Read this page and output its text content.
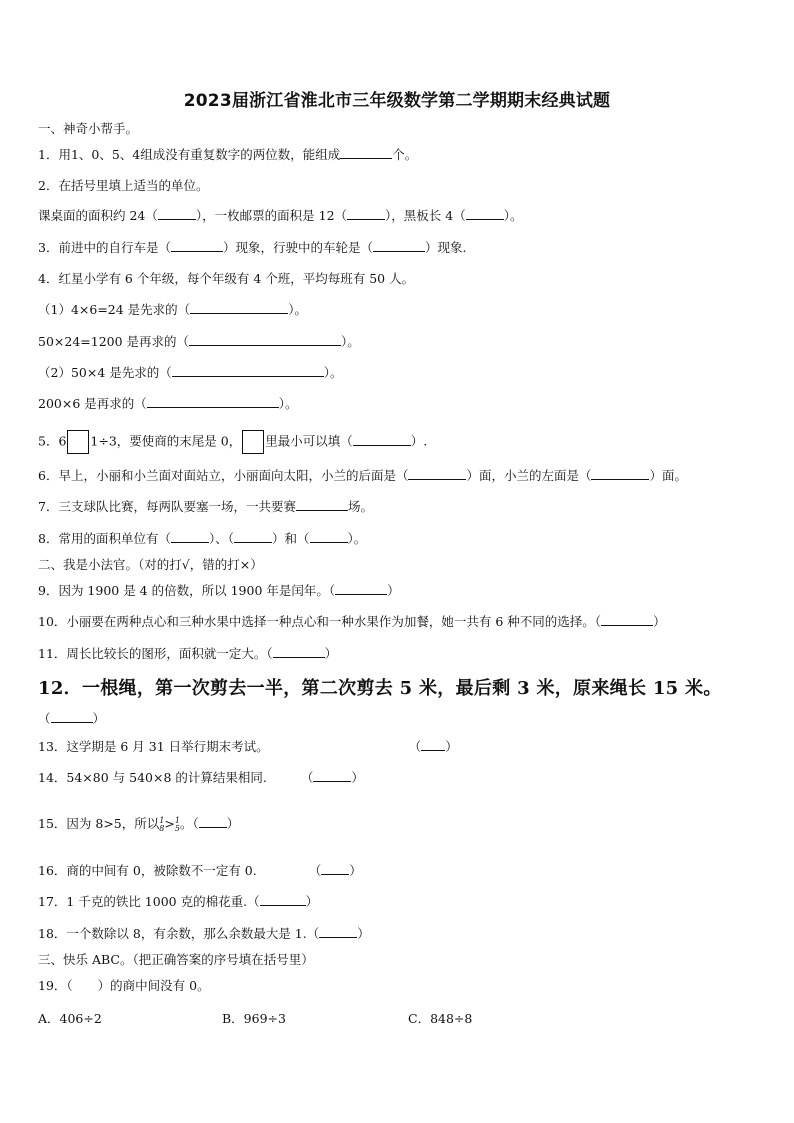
2023届浙江省淮北市三年级数学第二学期期末经典试题
一、神奇小帮手。
1．用1、0、5、4组成没有重复数字的两位数，能组成	个。
2．在括号里填上适当的单位。
课桌面的面积约 24（	），一枚邮票的面积是 12（	），黑板长 4（	）。
3．前进中的自行车是（	）现象，行驶中的车轮是（	）现象.
4．红星小学有 6 个年级，每个年级有 4 个班，平均每班有 50 人。
（1）4×6=24 是先求的（	）。
50×24=1200 是再求的（	）。
（2）50×4 是先求的（	）。
200×6 是再求的（	）。
5．6 1÷3，要使商的末尾是 0， 里最小可以填（	）.
6．早上，小丽和小兰面对面站立，小丽面向太阳，小兰的后面是（	）面，小兰的左面是（	）面。
7．三支球队比赛，每两队要塞一场，一共要赛	场。
8．常用的面积单位有（	）、（	）和（	）。
二、我是小法官。（对的打√，错的打×）
9．因为 1900 是 4 的倍数，所以 1900 年是闰年。（	）
10．小丽要在两种点心和三种水果中选择一种点心和一种水果作为加餐，她一共有 6 种不同的选择。（	）
11．周长比较长的图形，面积就一定大。（	）
12．一根绳，第一次剪去一半，第二次剪去 5 米，最后剩 3 米，原来绳长 15 米。
（	）
13．这学期是 6 月 31 日举行期末考试。	（ ）
14．54×80 与 540×8 的计算结果相同.	（	）
15．因为 8>5，所以 1
8 > 1
5 。（ ）
16．商的中间有 0，被除数不一定有 0.	（ ）
17．1 千克的铁比 1000 克的棉花重.（	）
18．一个数除以 8，有余数，那么余数最大是 1.（	）
三、快乐 ABC。（把正确答案的序号填在括号里）
19．（　　）的商中间没有 0。
A．406÷2	B．969÷3	C．848÷8
